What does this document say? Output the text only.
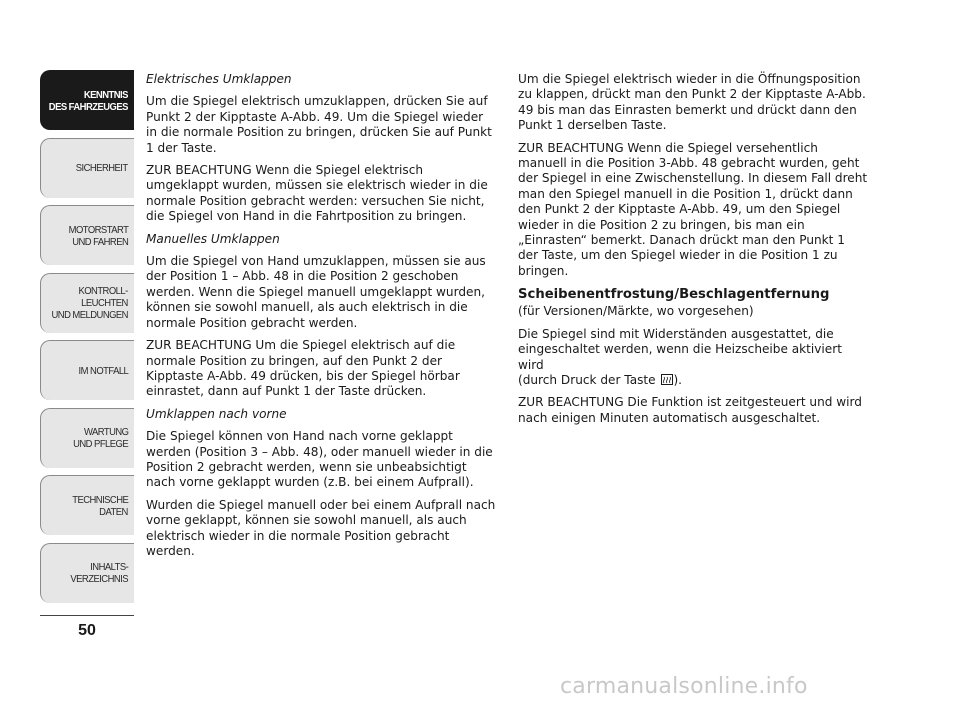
KENNTNIS
DES FAHRZEUGES
SICHERHEIT
MOTORSTART
UND FAHREN
KONTROLL-
LEUCHTEN
UND MELDUNGEN
IM NOTFALL
WARTUNG
UND PFLEGE
TECHNISCHE
DATEN
INHALTS-
VERZEICHNIS
50

Elektrisches Umklappen

Um die Spiegel elektrisch umzuklappen, drücken Sie auf Punkt 2 der Kipptaste A-Abb. 49. Um die Spiegel wieder in die normale Position zu bringen, drücken Sie auf Punkt 1 der Taste.

ZUR BEACHTUNG Wenn die Spiegel elektrisch umgeklappt wurden, müssen sie elektrisch wieder in die normale Position gebracht werden: versuchen Sie nicht, die Spiegel von Hand in die Fahrtposition zu bringen.

Manuelles Umklappen

Um die Spiegel von Hand umzuklappen, müssen sie aus der Position 1 – Abb. 48 in die Position 2 geschoben werden. Wenn die Spiegel manuell umgeklappt wurden, können sie sowohl manuell, als auch elektrisch in die normale Position gebracht werden.

ZUR BEACHTUNG Um die Spiegel elektrisch auf die normale Position zu bringen, auf den Punkt 2 der Kipptaste A-Abb. 49 drücken, bis der Spiegel hörbar einrastet, dann auf Punkt 1 der Taste drücken.

Umklappen nach vorne

Die Spiegel können von Hand nach vorne geklappt werden (Position 3 – Abb. 48), oder manuell wieder in die Position 2 gebracht werden, wenn sie unbeabsichtigt nach vorne geklappt wurden (z.B. bei einem Aufprall).

Wurden die Spiegel manuell oder bei einem Aufprall nach vorne geklappt, können sie sowohl manuell, als auch elektrisch wieder in die normale Position gebracht werden.

Um die Spiegel elektrisch wieder in die Öffnungsposition zu klappen, drückt man den Punkt 2 der Kipptaste A-Abb. 49 bis man das Einrasten bemerkt und drückt dann den Punkt 1 derselben Taste.

ZUR BEACHTUNG Wenn die Spiegel versehentlich manuell in die Position 3-Abb. 48 gebracht wurden, geht der Spiegel in eine Zwischenstellung. In diesem Fall dreht man den Spiegel manuell in die Position 1, drückt dann den Punkt 2 der Kipptaste A-Abb. 49, um den Spiegel wieder in die Position 2 zu bringen, bis man ein „Einrasten“ bemerkt. Danach drückt man den Punkt 1 der Taste, um den Spiegel wieder in die Position 1 zu bringen.

Scheibenentfrostung/Beschlagentfernung

(für Versionen/Märkte, wo vorgesehen)

Die Spiegel sind mit Widerständen ausgestattet, die eingeschaltet werden, wenn die Heizscheibe aktiviert wird
(durch Druck der Taste ).

ZUR BEACHTUNG Die Funktion ist zeitgesteuert und wird nach einigen Minuten automatisch ausgeschaltet.

carmanualsonline.info
